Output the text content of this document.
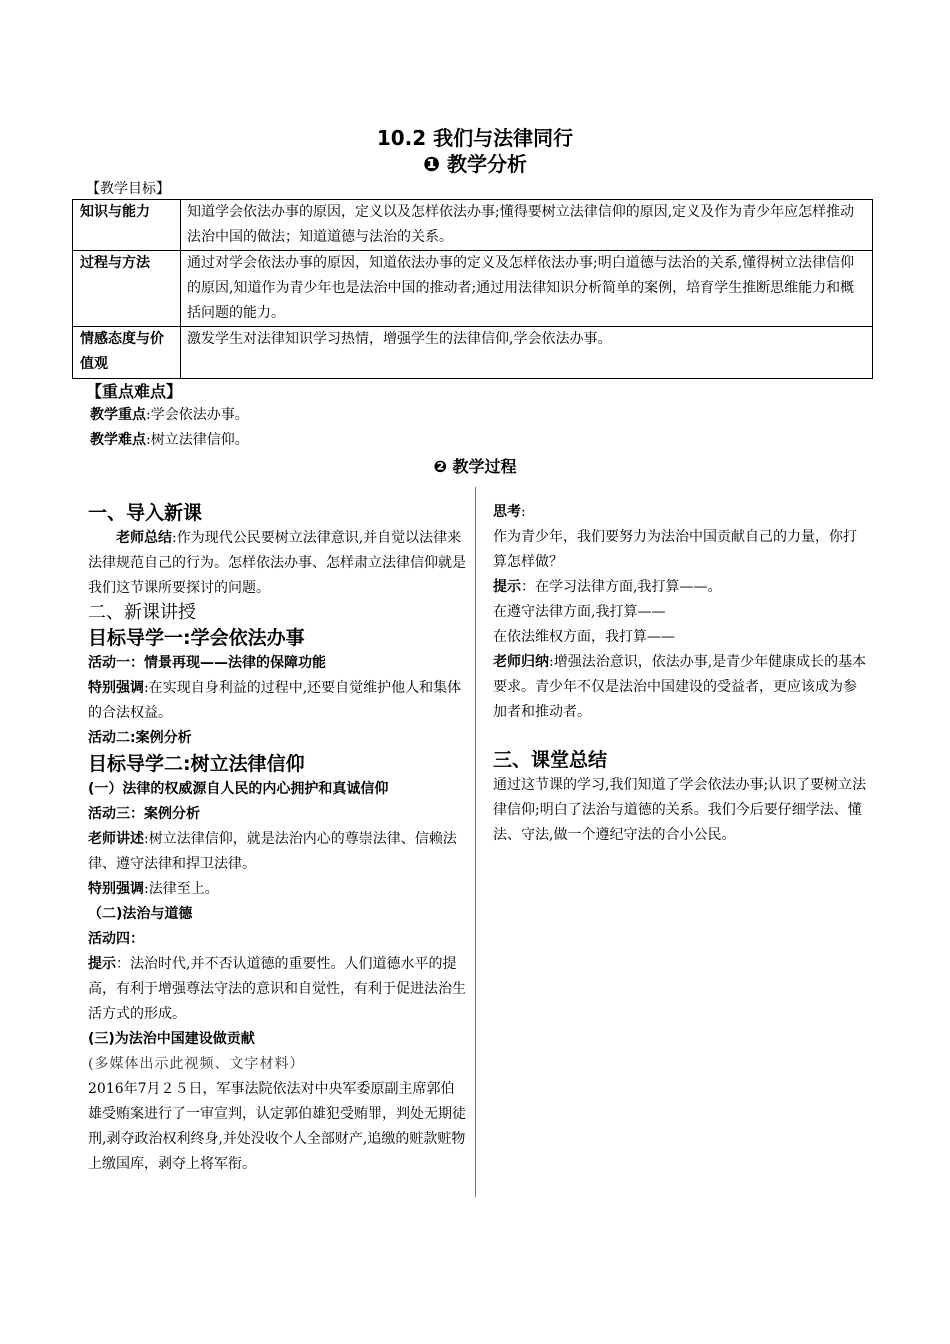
10.2 我们与法律同行
❶ 教学分析
【教学目标】
知识与能力	知道学会依法办事的原因，定义以及怎样依法办事;懂得要树立法律信仰的原因,定义及作为青少年应怎样推动法治中国的做法；知道道德与法治的关系。
过程与方法	通过对学会依法办事的原因，知道依法办事的定义及怎样依法办事;明白道德与法治的关系,懂得树立法律信仰的原因,知道作为青少年也是法治中国的推动者;通过用法律知识分析简单的案例，培育学生推断思维能力和概括问题的能力。
情感态度与价值观	激发学生对法律知识学习热情，增强学生的法律信仰,学会依法办事。
【重点难点】
教学重点:学会依法办事。
教学难点:树立法律信仰。
❷ 教学过程

一、导入新课

老师总结:作为现代公民要树立法律意识,并自觉以法律来法律规范自己的行为。怎样依法办事、怎样肃立法律信仰就是我们这节课所要探讨的问题。

二、新课讲授

目标导学一:学会依法办事

活动一：情景再现——法律的保障功能

特别强调:在实现自身利益的过程中,还要自觉维护他人和集体的合法权益。

活动二:案例分析

目标导学二:树立法律信仰

(一）法律的权威源自人民的内心拥护和真诚信仰

活动三：案例分析

老师讲述:树立法律信仰，就是法治内心的尊崇法律、信赖法律、遵守法律和捍卫法律。

特别强调:法律至上。

（二)法治与道德

活动四：

提示：法治时代,并不否认道德的重要性。人们道德水平的提高，有利于增强尊法守法的意识和自觉性，有利于促进法治生活方式的形成。

(三)为法治中国建设做贡献

(多媒体出示此视频、文字材料）

2016年7月２５日，军事法院依法对中央军委原副主席郭伯雄受贿案进行了一审宣判，认定郭伯雄犯受贿罪，判处无期徒刑,剥夺政治权利终身,并处没收个人全部财产,追缴的赃款赃物上缴国库，剥夺上将军衔。

思考:

作为青少年，我们要努力为法治中国贡献自己的力量，你打算怎样做？

提示：在学习法律方面,我打算——。

在遵守法律方面,我打算——

在依法维权方面，我打算——

老师归纳:增强法治意识，依法办事,是青少年健康成长的基本要求。青少年不仅是法治中国建设的受益者，更应该成为参加者和推动者。

三、课堂总结

通过这节课的学习,我们知道了学会依法办事;认识了要树立法律信仰;明白了法治与道德的关系。我们今后要仔细学法、懂法、守法,做一个遵纪守法的合小公民。
